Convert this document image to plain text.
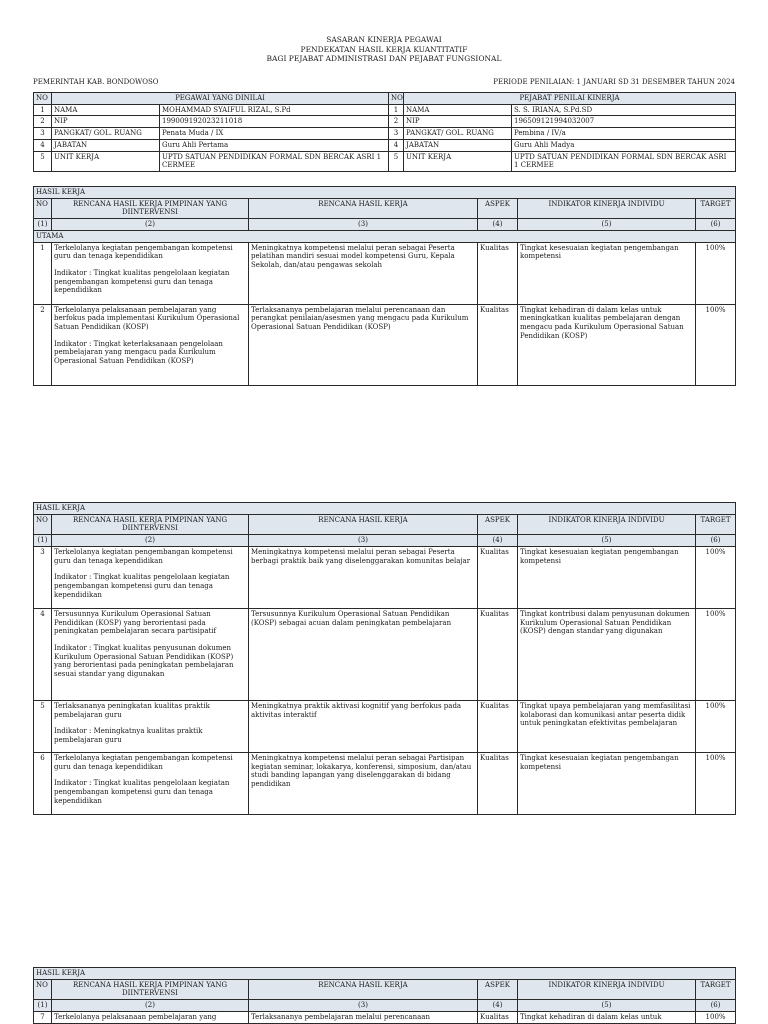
SASARAN KINERJA PEGAWAI
PENDEKATAN HASIL KERJA KUANTITATIF
BAGI PEJABAT ADMINISTRASI DAN PEJABAT FUNGSIONAL
PEMERINTAH KAB. BONDOWOSO	PERIODE PENILAIAN: 1 JANUARI SD 31 DESEMBER TAHUN 2024
NO	PEGAWAI YANG DINILAI		NO	PEJABAT PENILAI KINERJA	
1	NAMA	MOHAMMAD SYAIFUL RIZAL, S.Pd	1	NAMA	S. S. IRIANA, S.Pd.SD
2	NIP	199009192023211018	2	NIP	196509121994032007
3	PANGKAT/ GOL. RUANG	Penata Muda / IX	3	PANGKAT/ GOL. RUANG	Pembina / IV/a
4	JABATAN	Guru Ahli Pertama	4	JABATAN	Guru Ahli Madya
5	UNIT KERJA	UPTD SATUAN PENDIDIKAN FORMAL SDN BERCAK ASRI 1 CERMEE	5	UNIT KERJA	UPTD SATUAN PENDIDIKAN FORMAL SDN BERCAK ASRI 1 CERMEE
HASIL KERJA					
NO	RENCANA HASIL KERJA PIMPINAN YANG DIINTERVENSI	RENCANA HASIL KERJA	ASPEK	INDIKATOR KINERJA INDIVIDU	TARGET
(1)	(2)	(3)	(4)	(5)	(6)
UTAMA					
1	Terkelolanya kegiatan pengembangan kompetensi guru dan tenaga kependidikan
Indikator : Tingkat kualitas pengelolaan kegiatan pengembangan kompetensi guru dan tenaga kependidikan	Meningkatnya kompetensi melalui peran sebagai Peserta pelatihan mandiri sesuai model kompetensi Guru, Kepala Sekolah, dan/atau pengawas sekolah	Kualitas	Tingkat kesesuaian kegiatan pengembangan kompetensi	100%
2	Terkelolanya pelaksanaan pembelajaran yang berfokus pada implementasi Kurikulum Operasional Satuan Pendidikan (KOSP)
Indikator : Tingkat keterlaksanaan pengelolaan pembelajaran yang mengacu pada Kurikulum Operasional Satuan Pendidikan (KOSP)	Terlaksananya pembelajaran melalui perencanaan dan perangkat penilaian/asesmen yang mengacu pada Kurikulum Operasional Satuan Pendidikan (KOSP)	Kualitas	Tingkat kehadiran di dalam kelas untuk meningkatkan kualitas pembelajaran dengan mengacu pada Kurikulum Operasional Satuan Pendidikan (KOSP)	100%
HASIL KERJA					
NO	RENCANA HASIL KERJA PIMPINAN YANG DIINTERVENSI	RENCANA HASIL KERJA	ASPEK	INDIKATOR KINERJA INDIVIDU	TARGET
(1)	(2)	(3)	(4)	(5)	(6)
3	Terkelolanya kegiatan pengembangan kompetensi guru dan tenaga kependidikan
Indikator : Tingkat kualitas pengelolaan kegiatan pengembangan kompetensi guru dan tenaga kependidikan	Meningkatnya kompetensi melalui peran sebagai Peserta berbagi praktik baik yang diselenggarakan komunitas belajar	Kualitas	Tingkat kesesuaian kegiatan pengembangan kompetensi	100%
4	Tersusunnya Kurikulum Operasional Satuan Pendidikan (KOSP) yang berorientasi pada peningkatan pembelajaran secara partisipatif
Indikator : Tingkat kualitas penyusunan dokumen Kurikulum Operasional Satuan Pendidikan (KOSP) yang berorientasi pada peningkatan pembelajaran sesuai standar yang digunakan	Tersusunnya Kurikulum Operasional Satuan Pendidikan (KOSP) sebagai acuan dalam peningkatan pembelajaran	Kualitas	Tingkat kontribusi dalam penyusunan dokumen Kurikulum Operasional Satuan Pendidikan (KOSP) dengan standar yang digunakan	100%
5	Terlaksananya peningkatan kualitas praktik pembelajaran guru
Indikator : Meningkatnya kualitas praktik pembelajaran guru	Meningkatnya praktik aktivasi kognitif yang berfokus pada aktivitas interaktif	Kualitas	Tingkat upaya pembelajaran yang memfasilitasi kolaborasi dan komunikasi antar peserta didik untuk peningkatan efektivitas pembelajaran	100%
6	Terkelolanya kegiatan pengembangan kompetensi guru dan tenaga kependidikan
Indikator : Tingkat kualitas pengelolaan kegiatan pengembangan kompetensi guru dan tenaga kependidikan	Meningkatnya kompetensi melalui peran sebagai Partisipan kegiatan seminar, lokakarya, konferensi, simposium, dan/atau studi banding lapangan yang diselenggarakan di bidang pendidikan	Kualitas	Tingkat kesesuaian kegiatan pengembangan kompetensi	100%
HASIL KERJA					
NO	RENCANA HASIL KERJA PIMPINAN YANG DIINTERVENSI	RENCANA HASIL KERJA	ASPEK	INDIKATOR KINERJA INDIVIDU	TARGET
(1)	(2)	(3)	(4)	(5)	(6)
7	Terkelolanya pelaksanaan pembelajaran yang	Terlaksananya pembelajaran melalui perencanaan	Kualitas	Tingkat kehadiran di dalam kelas untuk	100%
